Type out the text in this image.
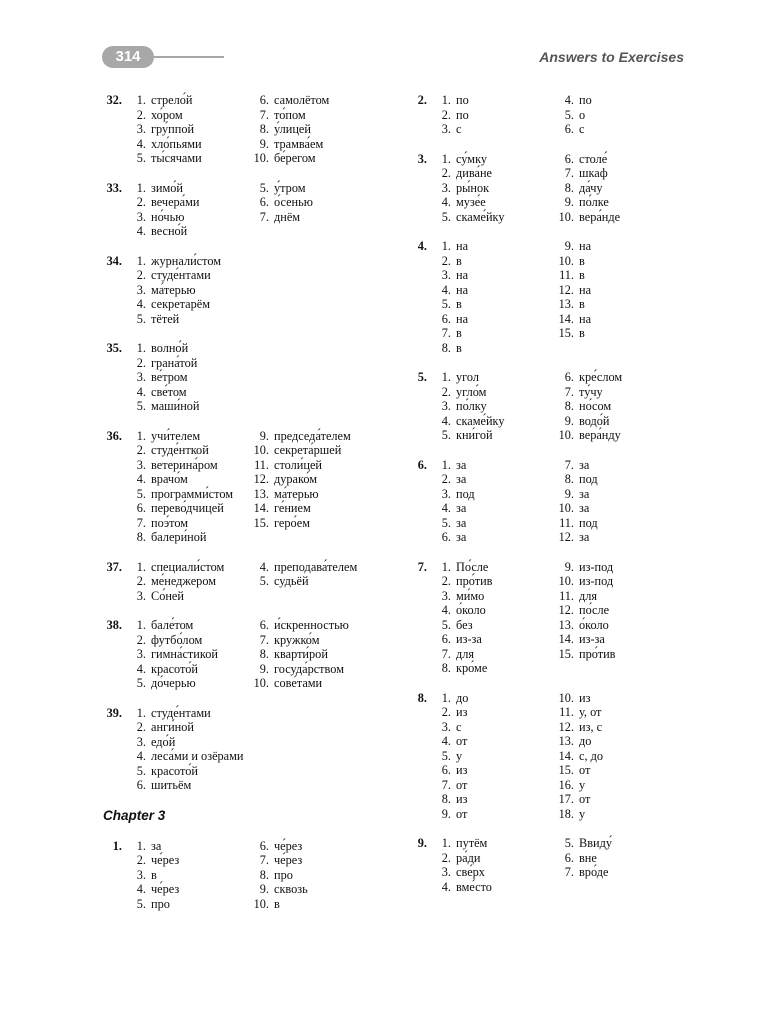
314	Answers to Exercises
32.	1. стрело́й
2. хо́ром
3. гру́ппой
4. хло́пьями
5. ты́сячами
6. самолётом
7. то́пом
8. у́лицей
9. трамва́ем
10. бе́регом
33.	1. зимо́й
2. вечера́ми
3. но́чью
4. весно́й
5. у́тром
6. о́сенью
7. днём
34.	1. журнали́стом
2. студе́нтами
3. ма́терью
4. секретарём
5. тётей
35.	1. волно́й
2. грана́той
3. ве́тром
4. све́том
5. маши́ной
36.	1. учи́телем
2. студе́нткой
3. ветерина́ром
4. врачо́м
5. программи́стом
6. перево́дчицей
7. поэ́том
8. балери́ной
9. председа́телем
10. секрета́ршей
11. столи́цей
12. дурако́м
13. ма́терью
14. ге́нием
15. геро́ем
37.	1. специали́стом
2. ме́неджером
3. Со́ней
4. преподава́телем
5. судьёй
38.	1. бале́том
2. футбо́лом
3. гимна́стикой
4. красото́й
5. до́черью
6. и́скренностью
7. кружко́м
8. кварти́рой
9. госуда́рством
10. сове́тами
39.	1. студе́нтами
2. анги́ной
3. едо́й
4. леса́ми и озёрами
5. красото́й
6. шитьём
Chapter 3
1.	1. за
2. че́рез
3. в
4. че́рез
5. про
6. че́рез
7. че́рез
8. про
9. сквозь
10. в
2.	1. по
2. по
3. с
4. по
5. о
6. с
3.	1. су́мку
2. дива́не
3. ры́нок
4. музе́е
5. скаме́йку
6. столе́
7. шкаф
8. да́чу
9. по́лке
10. вера́нде
4.	1. на
2. в
3. на
4. на
5. в
6. на
7. в
8. в
9. на
10. в
11. в
12. на
13. в
14. на
15. в
5.	1. угол
2. угло́м
3. по́лку
4. скаме́йку
5. кни́гой
6. кре́слом
7. ту́чу
8. но́сом
9. водо́й
10. вера́нду
6.	1. за
2. за
3. под
4. за
5. за
6. за
7. за
8. под
9. за
10. за
11. под
12. за
7.	1. По́сле
2. про́тив
3. ми́мо
4. о́коло
5. без
6. из-за
7. для
8. кро́ме
9. из-под
10. из-под
11. для
12. по́сле
13. о́коло
14. из-за
15. про́тив
8.	1. до
2. из
3. с
4. от
5. у
6. из
7. от
8. из
9. от
10. из
11. у, от
12. из, с
13. до
14. с, до
15. от
16. у
17. от
18. у
9.	1. путём
2. ра́ди
3. све́рх
4. вме́сто
5. Ввиду́
6. вне
7. вро́де
